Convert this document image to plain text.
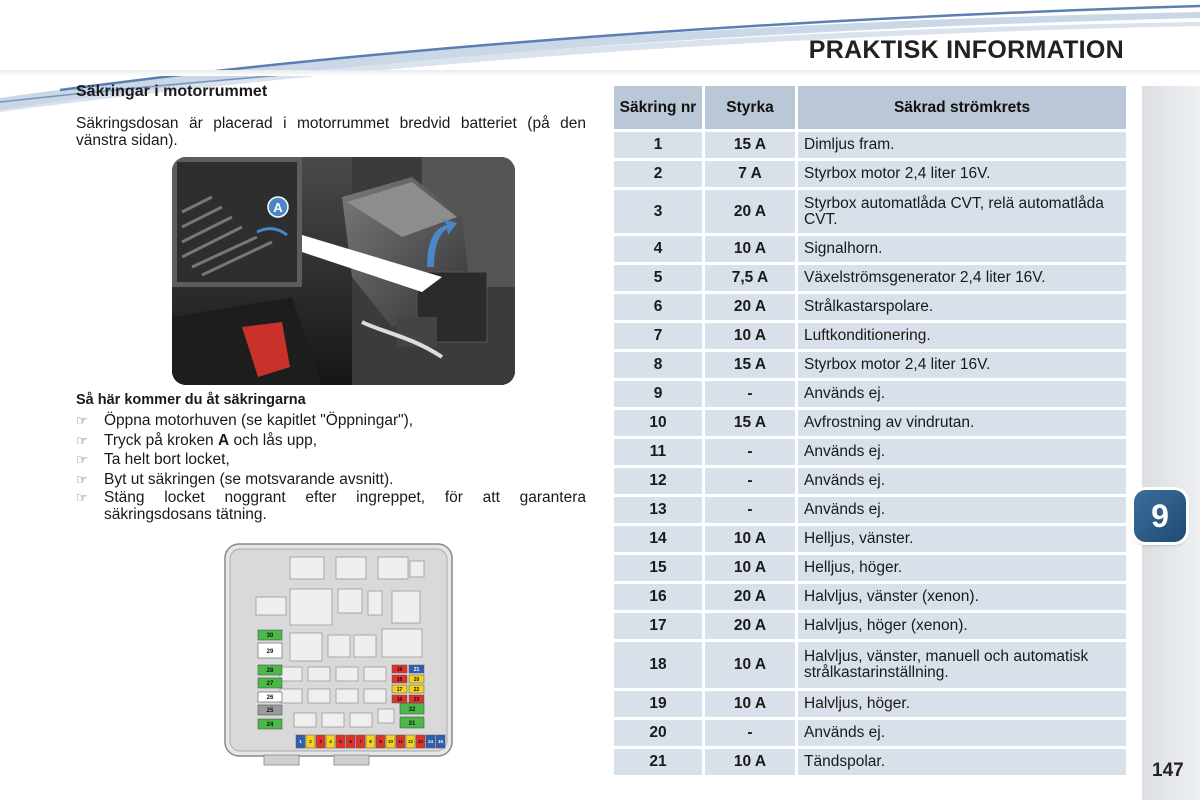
PRAKTISK INFORMATION
Säkringar i motorrummet
Säkringsdosan är placerad i motorrummet bredvid batteriet (på den vänstra sidan).
A
Så här kommer du åt säkringarna
☞ Öppna motorhuven (se kapitlet "Öppningar"),
☞ Tryck på kroken A och lås upp,
☞ Ta helt bort locket,
☞ Byt ut säkringen (se motsvarande avsnitt).
☞ Stäng locket noggrant efter ingreppet, för att garantera säkringsdosans tätning.
30
29
28
27
26
25
24
32
31
19 21
18 20
17 22
16 23
1 2 3 4 5 6 7 8 9 10 11 12 13 14 15
Säkring nr	Styrka	Säkrad strömkrets
1	15 A	Dimljus fram.
2	7 A	Styrbox motor 2,4 liter 16V.
3	20 A	Styrbox automatlåda CVT, relä automatlåda CVT.
4	10 A	Signalhorn.
5	7,5 A	Växelströmsgenerator 2,4 liter 16V.
6	20 A	Strålkastarspolare.
7	10 A	Luftkonditionering.
8	15 A	Styrbox motor 2,4 liter 16V.
9	-	Används ej.
10	15 A	Avfrostning av vindrutan.
11	-	Används ej.
12	-	Används ej.
13	-	Används ej.
14	10 A	Helljus, vänster.
15	10 A	Helljus, höger.
16	20 A	Halvljus, vänster (xenon).
17	20 A	Halvljus, höger (xenon).
18	10 A	Halvljus, vänster, manuell och automatisk strålkastarinställning.
19	10 A	Halvljus, höger.
20	-	Används ej.
21	10 A	Tändspolar.
9
147
